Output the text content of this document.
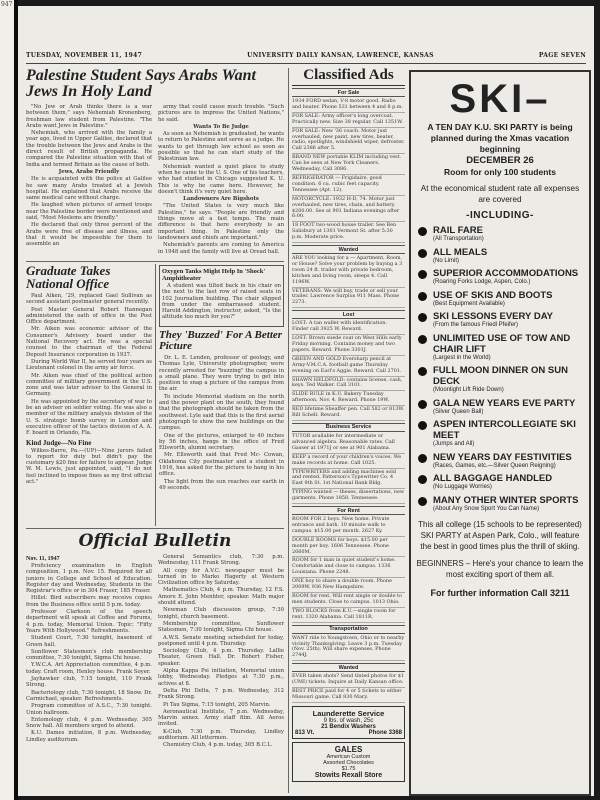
947
TUESDAY, NOVEMBER 11, 1947	UNIVERSITY DAILY KANSAN, LAWRENCE, KANSAS	PAGE SEVEN
Palestine Student Says Arabs Want Jews In Holy Land

"No Jew or Arab thinks there is a war between them," says Nehemiah Kronenberg, freshman law student from Palestine. "The Arabs want Jews in Palestine."

Nehemiah, who arrived with the family a year ago, lived in Upper Galilee, declared that the trouble between the Jews and Arabs is the direct result of British propaganda. He compared the Palestine situation with that of India and termed Britain as the cause of both.

Jews, Arabs Friendly

He is acquainted with the police at Galilee he saw many Arabs treated at a Jewish hospital. He explained that Arabs receive the same medical care without charge.

He laughed when pictures of armed troops near the Palestine border were mentioned and said, "Most Moslems are friendly."

He declared that only three percent of the Arabs were free of disease and illness, and that it would be impossible for them to assemble an

army that could cause much trouble. "Such pictures are to impress the United Nations," he said.

Wants To Be Judge

As soon as Nehemiah is graduated, he wants to return to Palestine and serve as a judge. He wants to get through law school as soon as possible so that he can start study of the Palestinian law.

Nehemiah wanted a quiet place to study when he came to the U. S. One of his teachers, who had studied in Chicago suggested K. U. This is why he came here. However, he doesn't think it's very quiet here.

Landowners Are Bigshots

"The United States is very much like Palestine," he says. "People are friendly and things move at a fast tempo. The main difference is that here everybody is an important thing. In Palestine only the landowners and chiefs are important."

Nehemiah's parents are coming to America in 1948 and the family will live at Oread hall.

Graduate Takes National Office

Paul Aiken, '29, replaced Gael Sullivan as second assistant postmaster general recently.

Post Master General Robert Hannegan administered the oath of office in the Post Office department.

Mr. Aiken was economic advisor of the Consumer's Advisory board under the National Recovery act. He was a special counsel to the chairman of the Federal Deposit Insurance corporation in 1937.

During World War II, he served four years as Lieutenant colonel in the army air force.

Mr. Aiken was chief of the political action committee of military government in the U.S. zone and was later adviser to the General in Germany.

He was appointed by the secretary of war to be an adviser on soldier voting. He was also a member of the military analysis division of the U. S. strategic bomb survey in London and executive officer of the tactics division of A. A. F. board in Orlando, Fla.

Kind Judge—No Fine

Wilkes-Barre, Pa.—(UP)—Nine jurors failed to report for duty but didn't pay the customary $20 fine for failure to appear. Judge W. M. Lewis, just appointed, said, "I do not feel inclined to impose fines as my first official act."

Oxygen Tanks Might Help In 'Shock' Amphitheater

A student was tilted back in his chair on the next to the last row of raised seats in 102 Journalism building. The chair slipped from under the embarrassed student. Harold Addington, instructor, asked, "Is the altitude too much for you?"

They 'Buzzed' For A Better Picture

Dr. L. E. Lenden, professor of geology, and Thomas Lyle, University photographer, were recently arrested for "buzzing" the campus in a small plane. They were trying to get into position to snap a picture of the campus from the air.

To include Memorial stadium on the north and the power plant on the south, they found that the photograph should be taken from the southwest. Lyle said that this is the first aerial photograph to show the new buildings on the campus.

One of the pictures, enlarged to 40 inches by 56 inches, hangs in the office of Fred Ellsworth, alumni secretary.

Mr. Ellsworth said that Fred Mc- Cowan, Oklahoma City postmaster and a student in 1916, has asked for the picture to hang in his office.

The light from the sun reaches our earth in 49 seconds.

Official Bulletin
Nov. 11, 1947

Proficiency examination in English composition, 1 p.m. Nov. 15. Required for all juniors in College and School of Education. Register day and Wednesday, Students in the Registrar's office or in 304 Fraser, 185 Fraser.

Hillel: Bird subscribers may receive copies from the Business office until 5 p.m. today.

Professor Clarkson of the speech department will speak at Coffee and Forums, 4 p.m. today, Memorial Union. Topic: "Fifty Years With Hollywood." Refreshments.

Student Court, 7:30 tonight, basement of Green hall.

Sunflower Statesmen's club membership committee, 7:30 tonight, Sigma Chi house.

Y.W.C.A. Art Appreciation committee, 4 p.m. today. Craft room, Henley house. Frank Soyer.

Jayhawker club, 7:15 tonight, 110 Frank Strong.

Bacteriology club, 7:30 tonight, 18 Snow. Dr. Carmichael, speaker. Refreshments.

Program committee of A.S.C., 7:30 tonight. Union ballroom.

Entomology club, 4 p.m. Wednesday. 305 Snow hall. All members urged to attend.

K.U. Dames initiation, 8 p.m. Wednesday, Lindley auditorium.

General Semantics club, 7:30 p.m. Wednesday, 111 Frank Strong.

All copy for A.V.C. newspaper must be turned in to Marko Hagerty at Western Civilization office by Saturday.

Mathematics Club, 4 p.m. Thursday, 12 F.S. Amore E. John Menhter, speaker. Math major should attend.

Newman Club discussion group, 7:30 tonight, church basement.

Membership committee, Sunflower Statesmen, 7:30 tonight, Sigma Chi house.

A.W.S. Senate meeting scheduled for today, postponed until 4 p.m. Thursday.

Sociology Club, 4 p.m. Thursday. Lallie Theater, Green Hall. Dr. Robert Fisher, speaker.

Alpha Kappa Psi initiation, Memorial union lobby, Wednesday. Pledges at 7:30 p.m., actives at 8.

Delta Phi Delta, 7 p.m. Wednesday, 312 Frank Strong.

Pi Tau Sigma, 7:15 tonight, 205 Marvin.

Aeronautical Institute, 7 p.m. Wednesday, Marvin annex. Army staff film. All Aeros invited.

K-Club, 7:30 p.m. Thursday, Lindley auditorium. All lettermen.

Chemistry Club, 4 p.m. today, 305 B.C.L.

Classified Ads
For Sale
1934 FORD sedan, V-8 motor good. Radio and heater. Phone 531 between 4 and 8 p.m.
FOR SALE: Army officer's long overcoat. Practically new. Size 38 regular. Call 1351W.
FOR SALE: New '36 coach. Motor just overhauled, new paint, new tires, heater, radio, spotlights, windshield wiper, defroster. Call 2386 after 5.
BRAND NEW portable KLIM including vest. Can be seen at New York Cleaners. Wednesday, Call 3086.
REFRIGERATOR — Frigidaire, good condition. 6 cu. cubic feet capacity. Tennessee (Apt. 12).
MOTORCYCLE: 1932 H-D, 74. Motor just overhauled, new tires, chain, and battery. $200.00. See at 901 Indiana evenings after 6:00.
18 FOOT two-wood house trailer. See Ben Salisbury at 1301 Vermont St. after 5:30 p.m. Moderate price.
Wanted
ARE YOU looking for a — Apartment, Room, or House? Solve your problem by buying a 3 room 24 ft. trailer with private bedroom, kitchen and living room, sleeps 4. Call 1196W.
VETERANS: We will buy, trade or sell your trailer. Lawrence Surplus 911 Mass. Phone 2273.
Lost
LOST: A tan wallet with identification. Finder call 3925 W. Reward.
LOST: Brown suede coat on West Hills early Friday morning. Contains money and two papers. Reward. Phone 3301J.
GREEN AND GOLD Eversharp pencil at Army-V.M.C.A. football game Thursday evening on Earl's Aggie. Reward. Call 2701.
SHAWN HELDFOLD: contains license, cash, keys. Ted Walker. Call 3101.
SLIDE RULE in K.U. Bakery Tuesday afternoon, Nov. 4. Reward. Phone 19W.
RED lifetime Sheaffer pen. Call 582 or 813W. Bill Schell. Reward.
Business Service
TUTOR available for intermediate or advanced algebra. Reasonable rates. Call Gasser at 1971J or see at 901 Alabama.
KEEP a record of your children's voices. We make records at home. Call 1025.
TYPEWRITERS and adding machines sold and rented. Patterson's Typewriter Co. 4 East 9th St. 1st National Bank Bldg.
TYPING wanted — theses, dissertations, new garments. Phone 1858. Tennessee.
For Rent
ROOM FOR 2 boys. New home. Private entrance and bath. 10 minute walk to campus. $15.00 per month. 2627 Ky.
DOUBLE ROOMS for boys. $15.00 per month per boy. 1606 Tennessee. Phone 2660M.
ROOM for 1 man in quiet student's home. Comfortable and close to campus. 1336 Louisiana. Phone 2248.
ONE boy to share a double room. Phone 2009W. 936 New Hampshire.
ROOM for rent. Will rent single or double to men students. Close to campus. 1013 Ohio.
TWO BLOCKS from K.U.—single room for rent. 1320 Alabama. Call 1811R.
Transportation
WANT ride to Youngstown, Ohio or to nearby vicinity Thanksgiving. Leave 3 p.m. Tuesday (Nov. 25th). Will share expenses. Phone 2744J.
Wanted
EVER taken shots? Send tinted photos for $1 (UMI) tickets. Inquire at Daily Kansan office.
BEST PRICE paid for 4 or 5 tickets to either Missouri game. Call 830 Mary.
Launderette Service
9 lbs. of wash, 25c
21 Bendix Washers
813 Vt.	Phone 3368
GALES
American Custom
Assorted Chocolates
$1.75
Stowits Rexall Store
SKI–
A TEN DAY K.U. SKI PARTY is being planned during the Xmas vacation beginning
DECEMBER 26
Room for only 100 students
At the economical student rate all expenses are covered
-INCLUDING-
RAIL FARE
(All Transportation)
ALL MEALS
(No Limit)
SUPERIOR ACCOMMODATIONS
(Roaring Forks Lodge, Aspen, Colo.)
USE OF SKIS AND BOOTS
(Best Equipment Available)
SKI LESSONS EVERY DAY
(From the famous Friedl Pfeifer)
UNLIMITED USE OF TOW AND CHAIR LIFT
(Largest in the World)
FULL MOON DINNER ON SUN DECK
(Moonlight Lift Ride Down)
GALA NEW YEARS EVE PARTY
(Silver Queen Ball)
ASPEN INTERCOLLEGIATE SKI MEET
(Jumps and All)
NEW YEARS DAY FESTIVITIES
(Races, Games, etc.—Silver Queen Reigning)
ALL BAGGAGE HANDLED
(No Luggage Worries)
MANY OTHER WINTER SPORTS
(About Any Snow Sport You Can Name)
This all college (15 schools to be represented) SKI PARTY at Aspen Park, Colo., will feature the best in good times plus the thrill of skiing.
BEGINNERS – Here's your chance to learn the most exciting sport of them all.
For further information Call 3211
